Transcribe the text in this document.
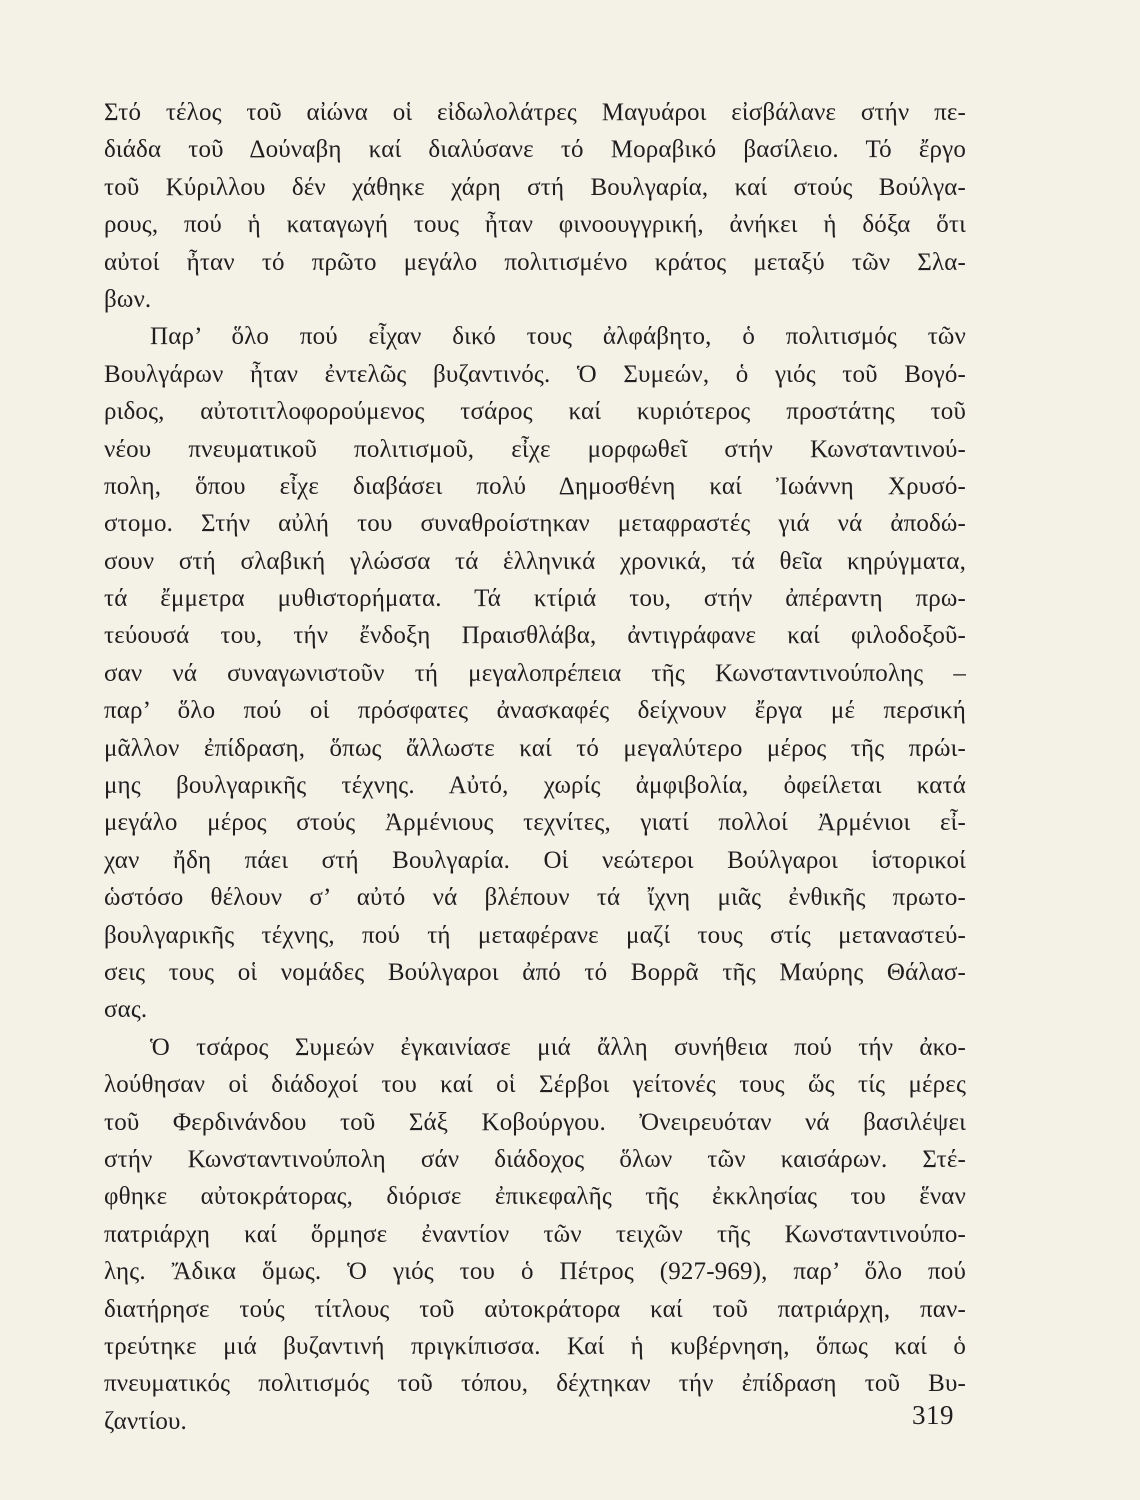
Στό τέλος τοῦ αἰώνα οἱ εἰδωλολάτρες Μαγυάροι εἰσβάλανε στήν πε-
διάδα τοῦ Δούναβη καί διαλύσανε τό Μοραβικό βασίλειο. Τό ἔργο
τοῦ Κύριλλου δέν χάθηκε χάρη στή Βουλγαρία, καί στούς Βούλγα-
ρους, πού ἡ καταγωγή τους ἦταν φινοουγγρική, ἀνήκει ἡ δόξα ὅτι
αὐτοί ἦταν τό πρῶτο μεγάλο πολιτισμένο κράτος μεταξύ τῶν Σλα-
βων.
Παρ’ ὅλο πού εἶχαν δικό τους ἀλφάβητο, ὁ πολιτισμός τῶν
Βουλγάρων ἦταν ἐντελῶς βυζαντινός. Ὁ Συμεών, ὁ γιός τοῦ Βογό-
ριδος, αὐτοτιτλοφορούμενος τσάρος καί κυριότερος προστάτης τοῦ
νέου πνευματικοῦ πολιτισμοῦ, εἶχε μορφωθεῖ στήν Κωνσταντινού-
πολη, ὅπου εἶχε διαβάσει πολύ Δημοσθένη καί Ἰωάννη Χρυσό-
στομο. Στήν αὐλή του συναθροίστηκαν μεταφραστές γιά νά ἀποδώ-
σουν στή σλαβική γλώσσα τά ἑλληνικά χρονικά, τά θεῖα κηρύγματα,
τά ἔμμετρα μυθιστορήματα. Τά κτίριά του, στήν ἀπέραντη πρω-
τεύουσά του, τήν ἔνδοξη Πραισθλάβα, ἀντιγράφανε καί φιλοδοξοῦ-
σαν νά συναγωνιστοῦν τή μεγαλοπρέπεια τῆς Κωνσταντινούπολης –
παρ’ ὅλο πού οἱ πρόσφατες ἀνασκαφές δείχνουν ἔργα μέ περσική
μᾶλλον ἐπίδραση, ὅπως ἄλλωστε καί τό μεγαλύτερο μέρος τῆς πρώι-
μης βουλγαρικῆς τέχνης. Αὐτό, χωρίς ἀμφιβολία, ὀφείλεται κατά
μεγάλο μέρος στούς Ἀρμένιους τεχνίτες, γιατί πολλοί Ἀρμένιοι εἶ-
χαν ἤδη πάει στή Βουλγαρία. Οἱ νεώτεροι Βούλγαροι ἱστορικοί
ὡστόσο θέλουν σ’ αὐτό νά βλέπουν τά ἴχνη μιᾶς ἐνθικῆς πρωτο-
βουλγαρικῆς τέχνης, πού τή μεταφέρανε μαζί τους στίς μεταναστεύ-
σεις τους οἱ νομάδες Βούλγαροι ἀπό τό Βορρᾶ τῆς Μαύρης Θάλασ-
σας.
Ὁ τσάρος Συμεών ἐγκαινίασε μιά ἄλλη συνήθεια πού τήν ἀκο-
λούθησαν οἱ διάδοχοί του καί οἱ Σέρβοι γείτονές τους ὥς τίς μέρες
τοῦ Φερδινάνδου τοῦ Σάξ Κοβούργου. Ὀνειρευόταν νά βασιλέψει
στήν Κωνσταντινούπολη σάν διάδοχος ὅλων τῶν καισάρων. Στέ-
φθηκε αὐτοκράτορας, διόρισε ἐπικεφαλῆς τῆς ἐκκλησίας του ἕναν
πατριάρχη καί ὅρμησε ἐναντίον τῶν τειχῶν τῆς Κωνσταντινούπο-
λης. Ἄδικα ὅμως. Ὁ γιός του ὁ Πέτρος (927-969), παρ’ ὅλο πού
διατήρησε τούς τίτλους τοῦ αὐτοκράτορα καί τοῦ πατριάρχη, παν-
τρεύτηκε μιά βυζαντινή πριγκίπισσα. Καί ἡ κυβέρνηση, ὅπως καί ὁ
πνευματικός πολιτισμός τοῦ τόπου, δέχτηκαν τήν ἐπίδραση τοῦ Βυ-
ζαντίου.	319
